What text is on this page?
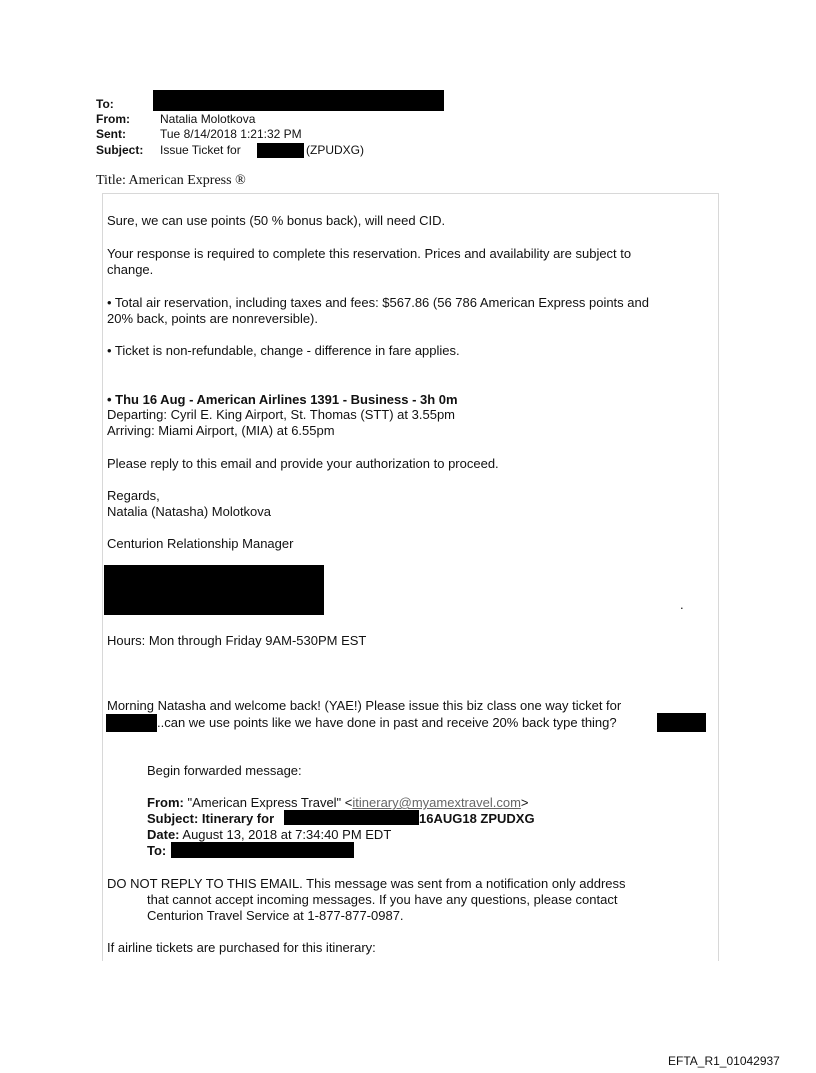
To:
From:	Natalia Molotkova
Sent:	Tue 8/14/2018 1:21:32 PM
Subject: Issue Ticket for	(ZPUDXG)
Title: American Express ®
Sure, we can use points (50 % bonus back), will need CID.
Your response is required to complete this reservation. Prices and availability are subject to
change.
• Total air reservation, including taxes and fees: $567.86 (56 786 American Express points and
20% back, points are nonreversible).
• Ticket is non-refundable, change - difference in fare applies.
• Thu 16 Aug - American Airlines 1391 - Business - 3h 0m
Departing: Cyril E. King Airport, St. Thomas (STT) at 3.55pm
Arriving: Miami Airport, (MIA) at 6.55pm
Please reply to this email and provide your authorization to proceed.
Regards,
Natalia (Natasha) Molotkova
Centurion Relationship Manager
.
Hours: Mon through Friday 9AM-530PM EST
Morning Natasha and welcome back! (YAE!) Please issue this biz class one way ticket for
..can we use points like we have done in past and receive 20% back type thing?
Begin forwarded message:
From: "American Express Travel" <itinerary@myamextravel.com>
Subject: Itinerary for	16AUG18 ZPUDXG
Date: August 13, 2018 at 7:34:40 PM EDT
To:
DO NOT REPLY TO THIS EMAIL. This message was sent from a notification only address
that cannot accept incoming messages. If you have any questions, please contact
Centurion Travel Service at 1-877-877-0987.
If airline tickets are purchased for this itinerary:
EFTA_R1_01042937
